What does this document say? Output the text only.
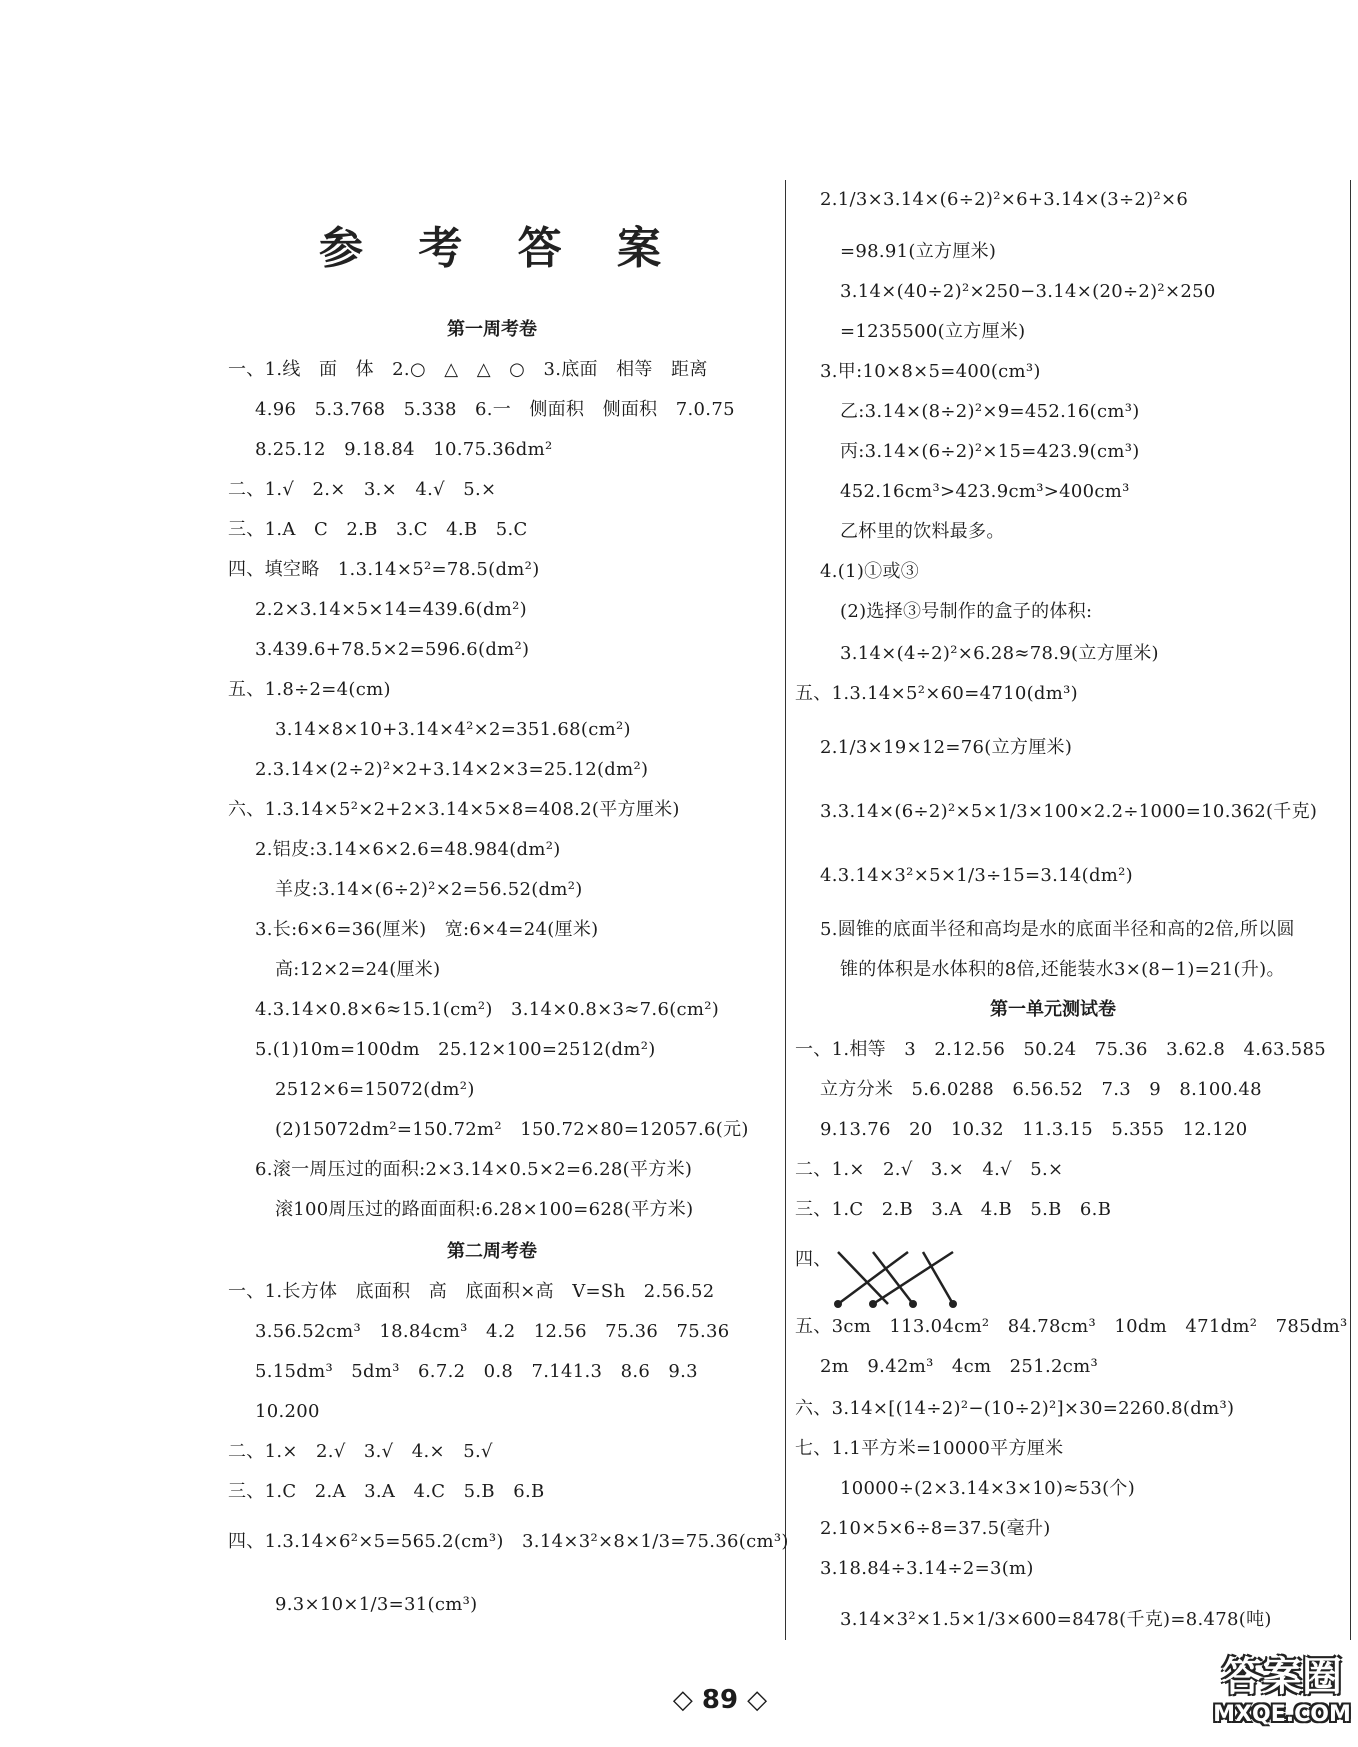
参 考 答 案
第一周考卷
一、1.线　面　体　2.○　△　△　○　3.底面　相等　距离
4.96　5.3.768　5.338　6.一　侧面积　侧面积　7.0.75
8.25.12　9.18.84　10.75.36dm²
二、1.√　2.×　3.×　4.√　5.×
三、1.A　C　2.B　3.C　4.B　5.C
四、填空略　1.3.14×5²=78.5(dm²)
2.2×3.14×5×14=439.6(dm²)
3.439.6+78.5×2=596.6(dm²)
五、1.8÷2=4(cm)
3.14×8×10+3.14×4²×2=351.68(cm²)
2.3.14×(2÷2)²×2+3.14×2×3=25.12(dm²)
六、1.3.14×5²×2+2×3.14×5×8=408.2(平方厘米)
2.铝皮:3.14×6×2.6=48.984(dm²)
羊皮:3.14×(6÷2)²×2=56.52(dm²)
3.长:6×6=36(厘米)　宽:6×4=24(厘米)
高:12×2=24(厘米)
4.3.14×0.8×6≈15.1(cm²)　3.14×0.8×3≈7.6(cm²)
5.(1)10m=100dm　25.12×100=2512(dm²)
2512×6=15072(dm²)
(2)15072dm²=150.72m²　150.72×80=12057.6(元)
6.滚一周压过的面积:2×3.14×0.5×2=6.28(平方米)
滚100周压过的路面面积:6.28×100=628(平方米)
第二周考卷
一、1.长方体　底面积　高　底面积×高　V=Sh　2.56.52
3.56.52cm³　18.84cm³　4.2　12.56　75.36　75.36
5.15dm³　5dm³　6.7.2　0.8　7.141.3　8.6　9.3
10.200
二、1.×　2.√　3.√　4.×　5.√
三、1.C　2.A　3.A　4.C　5.B　6.B
四、1.3.14×6²×5=565.2(cm³)　3.14×3²×8×1/3=75.36(cm³)
9.3×10×1/3=31(cm³)
2.1/3×3.14×(6÷2)²×6+3.14×(3÷2)²×6
=98.91(立方厘米)
3.14×(40÷2)²×250−3.14×(20÷2)²×250
=1235500(立方厘米)
3.甲:10×8×5=400(cm³)
乙:3.14×(8÷2)²×9=452.16(cm³)
丙:3.14×(6÷2)²×15=423.9(cm³)
452.16cm³>423.9cm³>400cm³
乙杯里的饮料最多。
4.(1)①或③
(2)选择③号制作的盒子的体积:
3.14×(4÷2)²×6.28≈78.9(立方厘米)
五、1.3.14×5²×60=4710(dm³)
2.1/3×19×12=76(立方厘米)
3.3.14×(6÷2)²×5×1/3×100×2.2÷1000=10.362(千克)
4.3.14×3²×5×1/3÷15=3.14(dm²)
5.圆锥的底面半径和高均是水的底面半径和高的2倍,所以圆
锥的体积是水体积的8倍,还能装水3×(8−1)=21(升)。
第一单元测试卷
一、1.相等　3　2.12.56　50.24　75.36　3.62.8　4.63.585
立方分米　5.6.0288　6.56.52　7.3　9　8.100.48
9.13.76　20　10.32　11.3.15　5.355　12.120
二、1.×　2.√　3.×　4.√　5.×
三、1.C　2.B　3.A　4.B　5.B　6.B
四、
五、3cm　113.04cm²　84.78cm³　10dm　471dm²　785dm³
2m　9.42m³　4cm　251.2cm³
六、3.14×[(14÷2)²−(10÷2)²]×30=2260.8(dm³)
七、1.1平方米=10000平方厘米
10000÷(2×3.14×3×10)≈53(个)
2.10×5×6÷8=37.5(毫升)
3.18.84÷3.14÷2=3(m)
3.14×3²×1.5×1/3×600=8478(千克)=8.478(吨)
◇ 89 ◇	答案圈
MXQE.COM
